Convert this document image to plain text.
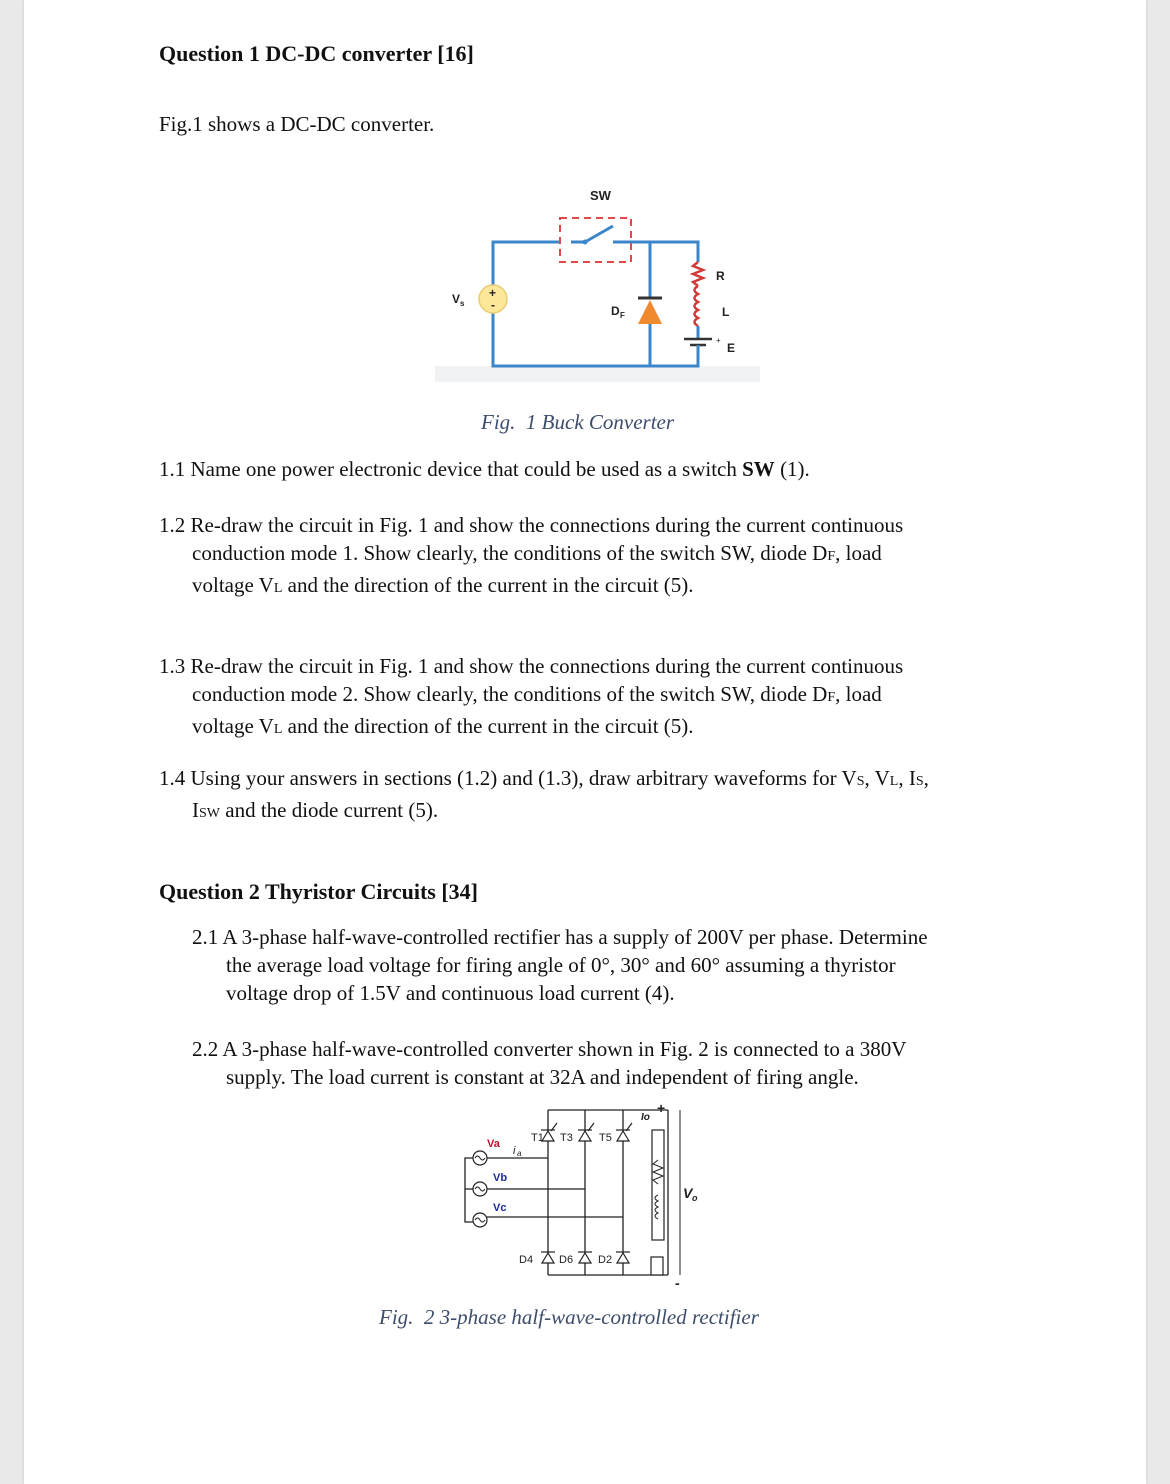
Question 1 DC-DC converter [16]
Fig.1 shows a DC-DC converter.
SW
+
-
V s
D F
R
L
+
E
Fig. 1 Buck Converter
1.1 Name one power electronic device that could be used as a switch SW (1).
1.2 Re-draw the circuit in Fig. 1 and show the connections during the current continuous
conduction mode 1. Show clearly, the conditions of the switch SW, diode DF, load
voltage VL and the direction of the current in the circuit (5).
1.3 Re-draw the circuit in Fig. 1 and show the connections during the current continuous
conduction mode 2. Show clearly, the conditions of the switch SW, diode DF, load
voltage VL and the direction of the current in the circuit (5).
1.4 Using your answers in sections (1.2) and (1.3), draw arbitrary waveforms for VS, VL, IS,
ISW and the diode current (5).
Question 2 Thyristor Circuits [34]
2.1 A 3-phase half-wave-controlled rectifier has a supply of 200V per phase. Determine
the average load voltage for firing angle of 0°, 30° and 60° assuming a thyristor
voltage drop of 1.5V and continuous load current (4).
2.2 A 3-phase half-wave-controlled converter shown in Fig. 2 is connected to a 380V
supply. The load current is constant at 32A and independent of firing angle.
T1 T3 T5
D4 D6 D2
Va
Vb
Vc
i a
Io
+
-
V o
Fig. 2 3-phase half-wave-controlled rectifier
